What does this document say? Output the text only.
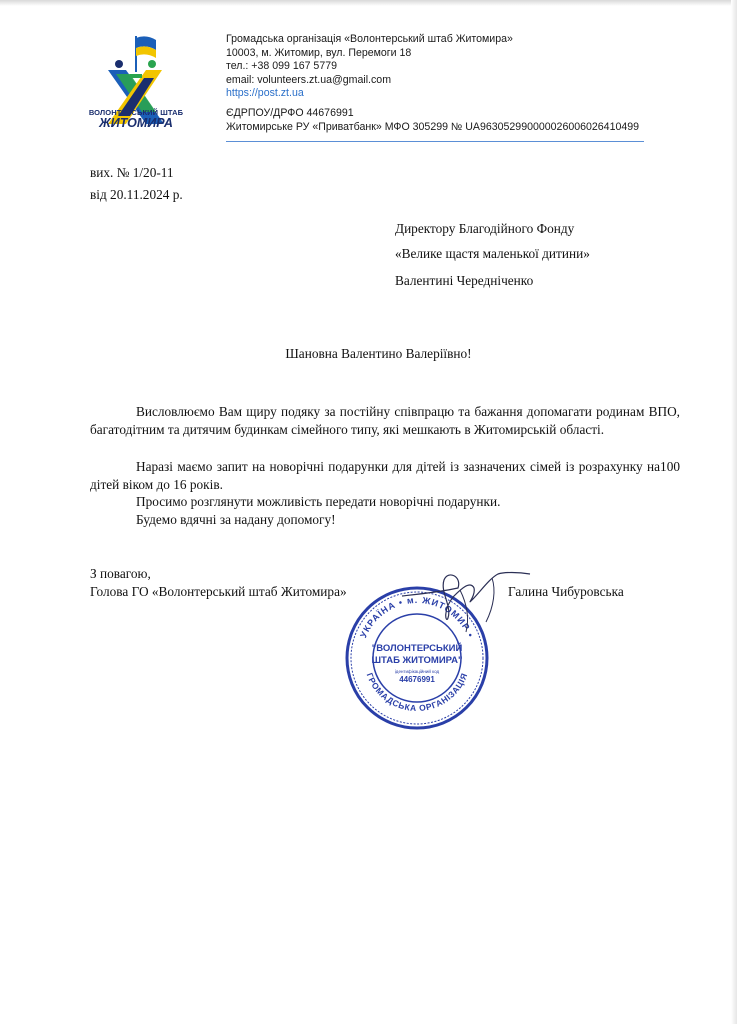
ВОЛОНТЕРСЬКИЙ ШТАБ
ЖИТОМИРА
Громадська організація «Волонтерський штаб Житомира»
10003, м. Житомир, вул. Перемоги 18
тел.: +38 099 167 5779
email: volunteers.zt.ua@gmail.com
https://post.zt.ua
ЄДРПОУ/ДРФО 44676991
Житомирське РУ «Приватбанк» МФО 305299 № UA963052990000026006026410499
вих. № 1/20-11
від 20.11.2024 р.
Директору Благодійного Фонду
«Велике щастя маленької дитини»
Валентині Чередніченко
Шановна Валентино Валеріївно!
Висловлюємо Вам щиру подяку за постійну співпрацю та бажання допомагати родинам ВПО, багатодітним та дитячим будинкам сімейного типу, які мешкають в Житомирській області.
Наразі маємо запит на новорічні подарунки для дітей із зазначених сімей із розрахунку на100 дітей віком до 16 років.
Просимо розглянути можливість передати новорічні подарунки.
Будемо вдячні за надану допомогу!
З повагою,
Голова ГО «Волонтерський штаб Житомира»	Галина Чибуровська
УКРАЇНА • м. ЖИТОМИР •
ГРОМАДСЬКА ОРГАНІЗАЦІЯ
"ВОЛОНТЕРСЬКИЙ
ШТАБ ЖИТОМИРА"
ідентифікаційний код
44676991
